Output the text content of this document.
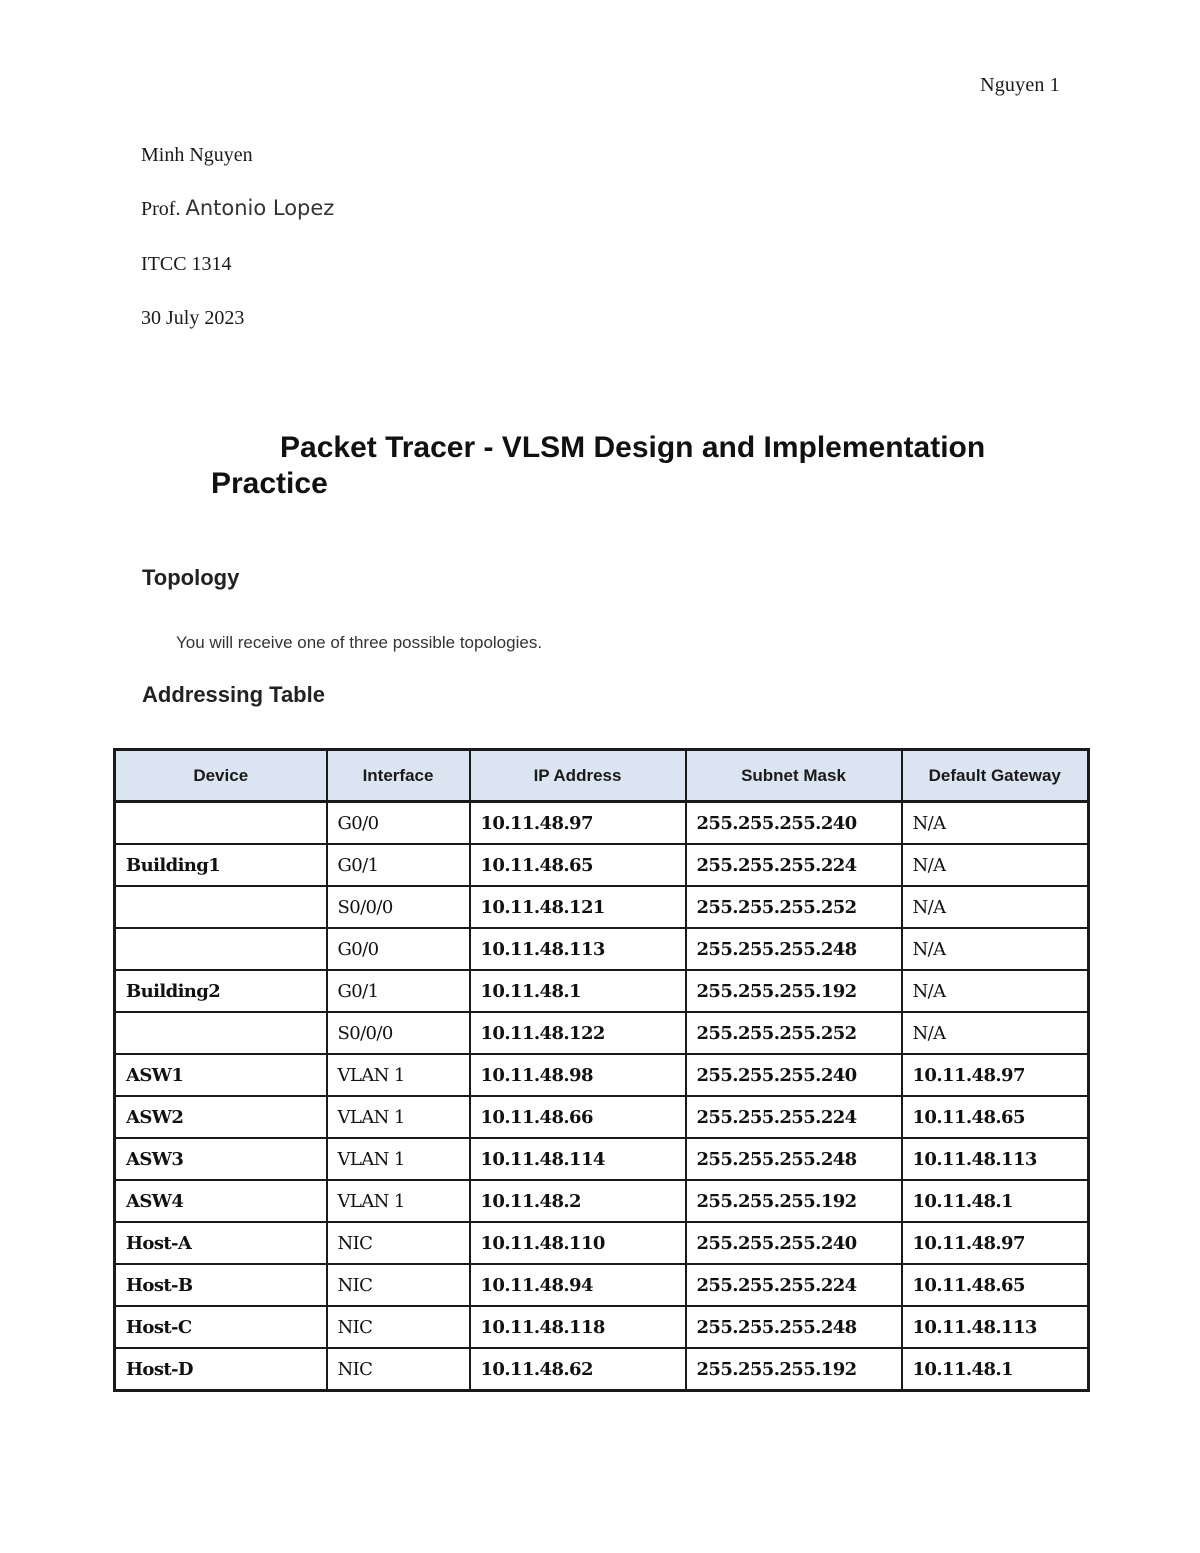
Nguyen 1
Minh Nguyen
Prof. Antonio Lopez
ITCC 1314
30 July 2023
Packet Tracer - VLSM Design and Implementation
Practice
Topology
You will receive one of three possible topologies.
Addressing Table
Device	Interface	IP Address	Subnet Mask	Default Gateway
	G0/0	10.11.48.97	255.255.255.240	N/A
Building1	G0/1	10.11.48.65	255.255.255.224	N/A
	S0/0/0	10.11.48.121	255.255.255.252	N/A
	G0/0	10.11.48.113	255.255.255.248	N/A
Building2	G0/1	10.11.48.1	255.255.255.192	N/A
	S0/0/0	10.11.48.122	255.255.255.252	N/A
ASW1	VLAN 1	10.11.48.98	255.255.255.240	10.11.48.97
ASW2	VLAN 1	10.11.48.66	255.255.255.224	10.11.48.65
ASW3	VLAN 1	10.11.48.114	255.255.255.248	10.11.48.113
ASW4	VLAN 1	10.11.48.2	255.255.255.192	10.11.48.1
Host-A	NIC	10.11.48.110	255.255.255.240	10.11.48.97
Host-B	NIC	10.11.48.94	255.255.255.224	10.11.48.65
Host-C	NIC	10.11.48.118	255.255.255.248	10.11.48.113
Host-D	NIC	10.11.48.62	255.255.255.192	10.11.48.1
